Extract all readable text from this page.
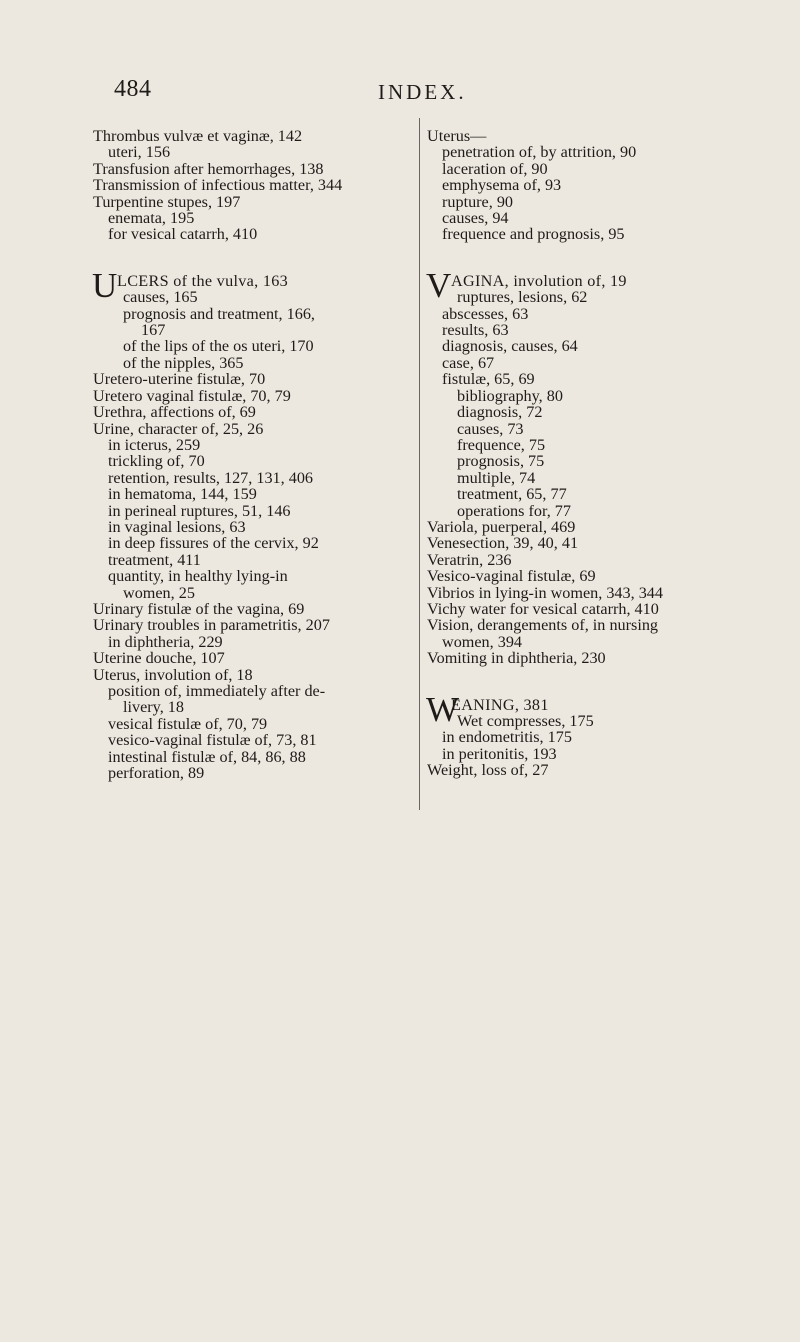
484	INDEX.
Thrombus vulvæ et vaginæ, 142
uteri, 156
Transfusion after hemorrhages, 138
Transmission of infectious matter, 344
Turpentine stupes, 197
enemata, 195
for vesical catarrh, 410
U LCERS of the vulva, 163
causes, 165
prognosis and treatment, 166,
167
of the lips of the os uteri, 170
of the nipples, 365
Uretero-uterine fistulæ, 70
Uretero vaginal fistulæ, 70, 79
Urethra, affections of, 69
Urine, character of, 25, 26
in icterus, 259
trickling of, 70
retention, results, 127, 131, 406
in hematoma, 144, 159
in perineal ruptures, 51, 146
in vaginal lesions, 63
in deep fissures of the cervix, 92
treatment, 411
quantity, in healthy lying-in
women, 25
Urinary fistulæ of the vagina, 69
Urinary troubles in parametritis, 207
in diphtheria, 229
Uterine douche, 107
Uterus, involution of, 18
position of, immediately after de-
livery, 18
vesical fistulæ of, 70, 79
vesico-vaginal fistulæ of, 73, 81
intestinal fistulæ of, 84, 86, 88
perforation, 89
Uterus—
penetration of, by attrition, 90
laceration of, 90
emphysema of, 93
rupture, 90
causes, 94
frequence and prognosis, 95
V AGINA, involution of, 19
ruptures, lesions, 62
abscesses, 63
results, 63
diagnosis, causes, 64
case, 67
fistulæ, 65, 69
bibliography, 80
diagnosis, 72
causes, 73
frequence, 75
prognosis, 75
multiple, 74
treatment, 65, 77
operations for, 77
Variola, puerperal, 469
Venesection, 39, 40, 41
Veratrin, 236
Vesico-vaginal fistulæ, 69
Vibrios in lying-in women, 343, 344
Vichy water for vesical catarrh, 410
Vision, derangements of, in nursing
women, 394
Vomiting in diphtheria, 230
W
EANING, 381
Wet compresses, 175
in endometritis, 175
in peritonitis, 193
Weight, loss of, 27
